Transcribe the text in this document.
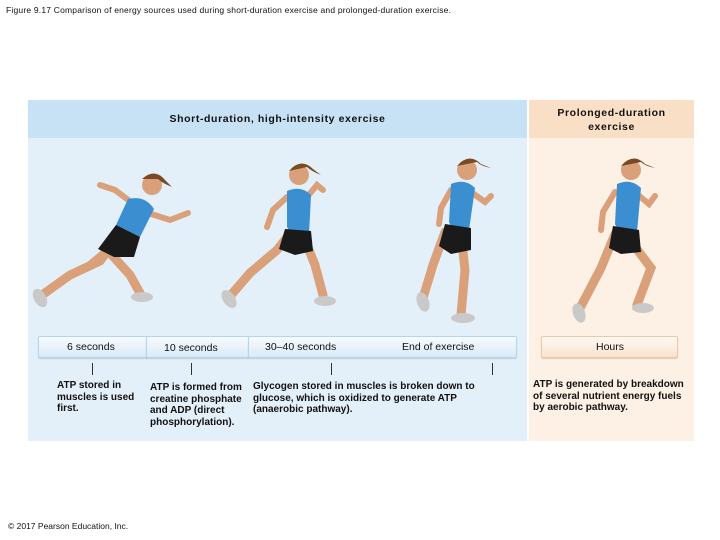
Figure 9.17 Comparison of energy sources used during short-duration exercise and prolonged-duration exercise.
Short-duration, high-intensity exercise	Prolonged-duration exercise
6 seconds	10 seconds	30–40 seconds	End of exercise	Hours
ATP stored in muscles is used first.
ATP is formed from creatine phosphate and ADP (direct phosphorylation).
Glycogen stored in muscles is broken down to glucose, which is oxidized to generate ATP (anaerobic pathway).
ATP is generated by breakdown of several nutrient energy fuels by aerobic pathway.
© 2017 Pearson Education, Inc.
